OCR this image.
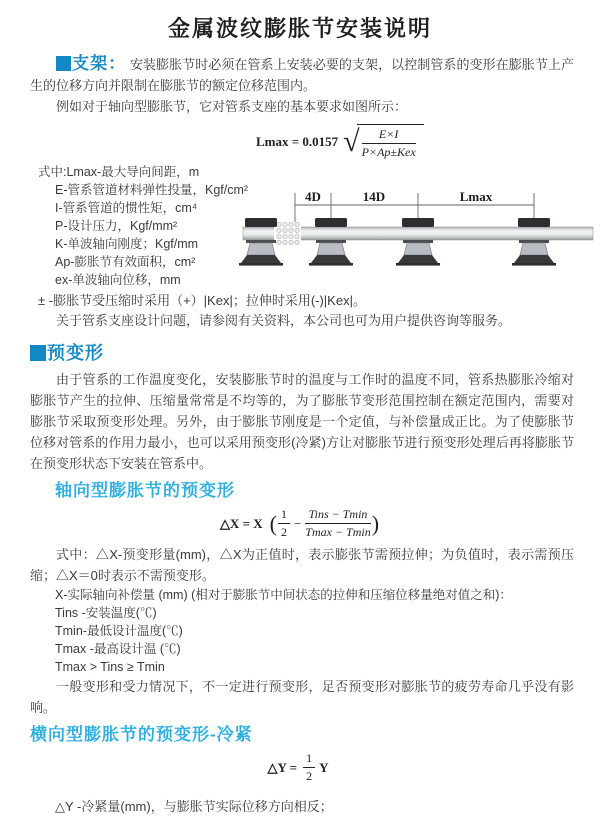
金属波纹膨胀节安装说明

支架： 安装膨胀节时必须在管系上安装必要的支架，以控制管系的变形在膨胀节上产生的位移方向并限制在膨胀节的额定位移范围内。

例如对于轴向型膨胀节，它对管系支座的基本要求如图所示：

Lmax = 0.0157 √ $\frac{E\times I}{\text{P×Ap±Kex}}$
式中:Lmax-最大导向间距，m
E-管系管道材料弹性投量，Kgf/cm²
I-管系管道的惯性矩，cm⁴
P-设计压力，Kgf/mm²
K-单波轴向刚度；Kgf/mm
Ap-膨胀节有效面积，cm²
ex-单波轴向位移，mm
4D	14D	Lmax

± -膨胀节受压缩时采用（+）|Kex|；拉伸时采用(-)|Kex|。

关于管系支座设计问题，请参阅有关资料，本公司也可为用户提供咨询等服务。

预变形

由于管系的工作温度变化，安装膨胀节时的温度与工作时的温度不同，管系热膨胀冷缩对膨胀节产生的拉伸、压缩量常常是不均等的，为了膨胀节变形范围控制在额定范围内，需要对膨胀节采取预变形处理。另外，由于膨胀节刚度是一个定值，与补偿量成正比。为了使膨胀节位移对管系的作用力最小，也可以采用预变形(冷紧)方让对膨胀节进行预变形处理后再将膨胀节在预变形状态下安装在管系中。

轴向型膨胀节的预变形
△X = X ( $\frac{1}{2} - \frac{\text{Tins − Tmin}}{Tmax - Tmin}$ )

式中：△X-预变形量(mm)，△X为正值时，表示膨张节需预拉伸；为负值时，表示需预压缩；△X＝0时表示不需预变形。

X-实际轴向补偿量 (mm) (相对于膨胀节中间状态的拉伸和压缩位移量绝对值之和)：
Tins -安装温度(℃)
Tmin-最低设计温度(℃)
Tmax -最高设计温 (℃)
Tmax > Tins ≥ Tmin

一般变形和受力情况下，不一定进行预变形，足否预变形对膨胀节的疲劳寿命几乎没有影响。

横向型膨胀节的预变形-冷紧
△Y = $\frac{1}{2}$ Y

△Y -冷紧量(mm)，与膨胀节实际位移方向相反；
